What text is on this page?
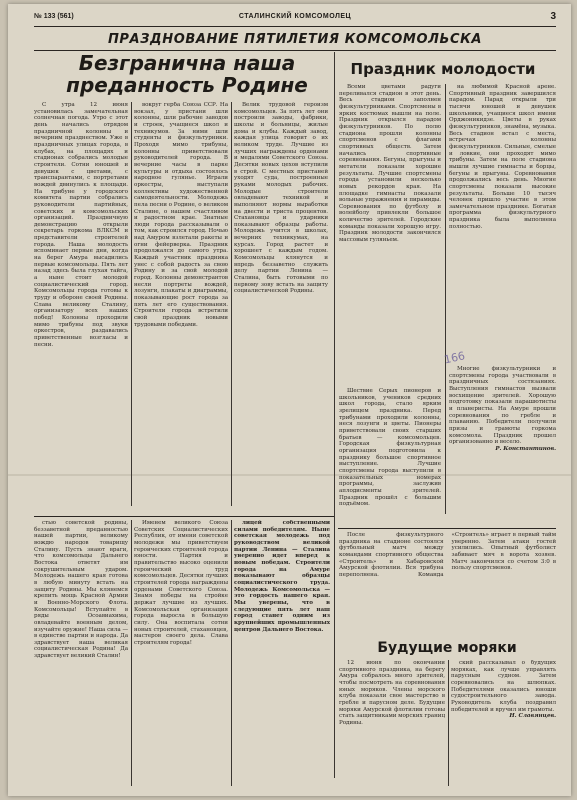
№ 133 (561)	СТАЛИНСКИЙ КОМСОМОЛЕЦ	3
ПРАЗДНОВАНИЕ ПЯТИЛЕТИЯ КОМСОМОЛЬСКА
Безгранична наша преданность Родине
Праздник молодости

С утра 12 июня установилась замечательная солнечная погода. Утро с этот день начались отрядом праздничной колонны и вечерним празднеством. Уже в праздничных улицах города, в клубах, на площадях и стадионах собрались молодые строители. Сотни юношей и девушек с цветами, с транспарантами, с портретами вождей двинулись к площади. На трибуне у городского комитета партии собрались руководители партийных, советских и комсомольских организаций. Праздничную демонстрацию открыли секретарь горкома ВЛКСМ и представители строителей города. Наша молодость вспоминает первые дни, когда на берег Амура высадились первые комсомольцы. Пять лет назад здесь была глухая тайга, а ныне стоит молодой социалистический город. Комсомольцы города готовы к труду и обороне своей Родины. Слава великому Сталину, организатору всех наших побед! Колонны проходили мимо трибуны под звуки оркестров, раздавались приветственные возгласы и песни.

вокруг герба Союза ССР. На вокзал, у пристани шли колонны, шли рабочие заводов и строек, учащиеся школ и техникумов. За ними шли студенты и физкультурники. Проходя мимо трибуны, колонны приветствовали руководителей города. В вечерние часы в парке культуры и отдыха состоялось народное гулянье. Играли оркестры, выступали коллективы художественной самодеятельности. Молодежь пела песни о Родине, о великом Сталине, о нашем счастливом и радостном крае. Знатные люди города рассказывали о том, как строился город. Ночью над Амуром взлетали ракеты и огни фейерверка. Праздник продолжался до самого утра. Каждый участник праздника унес с собой радость за свою Родину и за свой молодой город. Колонны демонстрантов несли портреты вождей, лозунги, плакаты и диаграммы, показывающие рост города за пять лет его существования. Строители города встретили свой праздник новыми трудовыми победами.

Велик трудовой героизм комсомольцев. За пять лет они построили заводы, фабрики, школы и больницы, жилые дома и клубы. Каждый завод, каждая улица говорит о их великом труде. Лучшие из лучших награждены орденами и медалями Советского Союза. Десятки новых цехов вступили в строй. С местных пристаней уходят суда, построенные руками молодых рабочих. Молодые строители овладевают техникой и выполняют нормы выработки на двести и триста процентов. Стахановцы и ударники показывают образцы работы. Молодежь учится в школах, вечерних техникумах, на курсах. Город растет и хорошеет с каждым годом. Комсомольцы клянутся и впредь беззаветно служить делу партии Ленина — Сталина, быть готовыми по первому зову встать на защиту социалистической Родины.

Всеми цветами радуги переливался стадион в этот день. Весь стадион заполнен физкультурниками. Спортсмены в ярких костюмах вышли на поле. Праздник открылся парадом физкультурников. По полю стадиона прошли колонны спортсменов с флагами спортивных обществ. Затем начались спортивные соревнования. Бегуны, прыгуны и метатели показали хорошие результаты. Лучшие спортсмены города установили несколько новых рекордов края. На площадке гимнасты показали вольные упражнения и пирамиды. Соревнования по футболу и волейболу привлекли большое количество зрителей. Городские команды показали хорошую игру. Праздник молодости закончился массовым гуляньем.

на любимой Красной арене. Спортивный праздник завершился парадом. Парад открыли три тысячи юношей и девушек школьники, учащиеся школ имени Орджоникидзе. Цветы в руках физкультурников, знамёна, музыка. Весь стадион встал с места, встречая колонны физкультурников. Сильные, смелые и ловкие, они проходят мимо трибуны. Затем на поле стадиона вышли лучшие гимнасты и борцы, бегуны и прыгуны. Соревнования продолжались весь день. Многие спортсмены показали высокие результаты. Больше 10 тысяч человек пришло участие в этом замечательном празднике. Богатая программа физкультурного праздника была выполнена полностью.

166

Шествие Серых пионеров и школьников, учеников средних школ города, стало ярким зрелищем праздника. Перед трибунами проходили колонны, неся лозунги и цветы. Пионеры приветствовали своих старших братьев — комсомольцев. Городская физкультурная организация подготовила к празднику большое спортивное выступление. Лучшие спортсмены города выступили в показательных номерах программы, заслужив аплодисменты зрителей. Праздник прошёл с большим подъёмом.

Многие физкультурники и спортсмены города участвовали в праздничных состязаниях. Выступления гимнастов вызвали восхищение зрителей. Хорошую подготовку показали парашютисты и планеристы. На Амуре прошли соревнования по гребле и плаванию. Победители получили призы и грамоты горкома комсомола. Праздник прошел организованно и весело.

Р. Константинов.

стью советской родины, беззаветной преданностью нашей партии, великому вождю народов товарищу Сталину. Пусть знают враги, что комсомольцы Дальнего Востока ответят им сокрушительным ударом. Молодежь нашего края готова в любую минуту встать на защиту Родины. Мы клянемся крепить мощь Красной Армии и Военно-Морского Флота. Комсомольцы! Вступайте в ряды Осоавиахима, овладевайте военным делом, изучайте оружие! Наша сила — в единстве партии и народа. Да здравствует наша великая социалистическая Родина! Да здравствует великий Сталин!

Именем великого Союза Советских Социалистических Республик, от имени советской молодежи мы приветствуем героических строителей города юности. Партия и правительство высоко оценили героический труд комсомольцев. Десятки лучших строителей города награждены орденами Советского Союза. Знамя победы на стройке держат лучшие из лучших. Комсомольская организация города выросла в большую силу. Она воспитала сотни новых строителей, стахановцев, мастеров своего дела. Слава строителям города!

лицей собственными силами победителям. Ныне советская молодежь под руководством великой партии Ленина — Сталина уверенно идет вперед к новым победам. Строители города на Амуре показывают образцы социалистического труда. Молодежь Комсомольска — это гордость нашего края. Мы уверены, что в следующие пять лет наш город станет одним из крупнейших промышленных центров Дальнего Востока.

После физкультурного праздника на стадионе состоялся футбольный матч между командами спортивного общества «Строитель» и Хабаровской Амурской флотилии. Вся трибуна переполнена. Команда «Строитель» играет в первый тайм уверенно. Затем атаки гостей усилились. Опытный футболист забивает мяч в ворота хозяев. Матч закончился со счетом 3:0 в пользу спортсменов.

Будущие моряки

12 июня по окончании спортивного праздника, на берегу Амура собралось много зрителей, чтобы посмотреть на соревнования юных моряков. Члены морского клуба показали свое мастерство в гребле и парусном деле. Будущие моряки Амурской флотилии готовы стать защитниками морских границ Родины.

ский рассказывал о будущих моряках, как лучше управлять парусным судном. Затем соревновались на шлюпках. Победителями оказались юноши судостроительного завода. Руководитель клуба поздравил победителей и вручил им грамоты.

Н. Славянцев.
